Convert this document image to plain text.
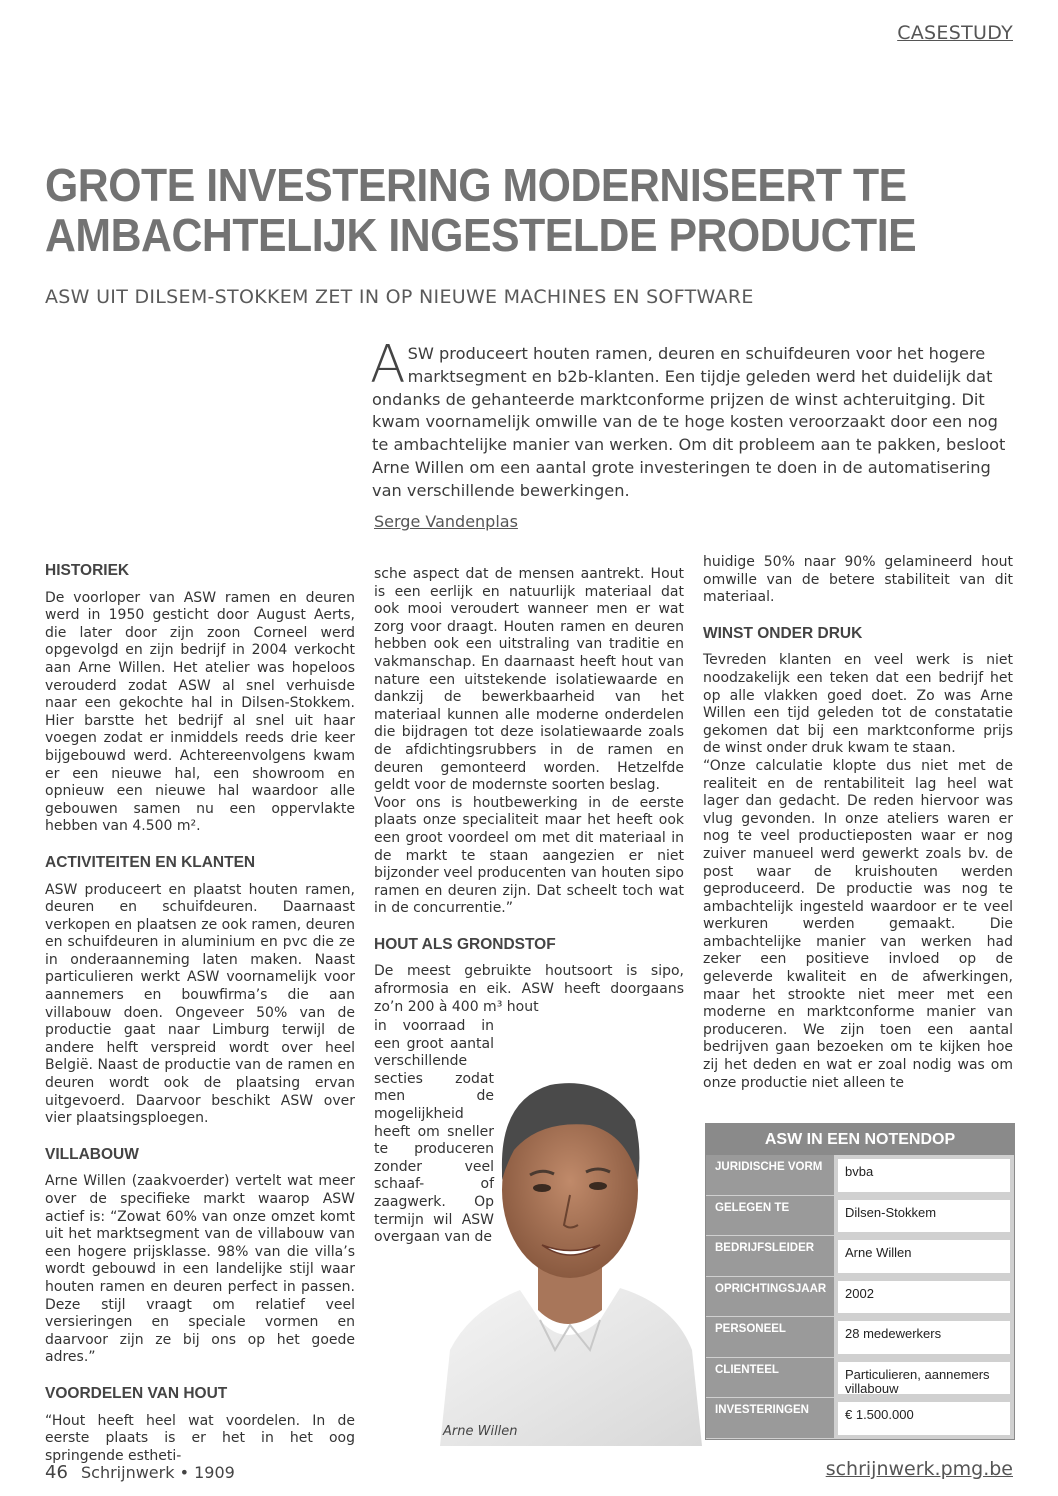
CASESTUDY
GROTE INVESTERING MODERNISEERT TE
AMBACHTELIJK INGESTELDE PRODUCTIE
ASW UIT DILSEM-STOKKEM ZET IN OP NIEUWE MACHINES EN SOFTWARE
ASW produceert houten ramen, deuren en schuifdeuren voor het hogere marktsegment en b2b-klanten. Een tijdje geleden werd het duidelijk dat ondanks de gehanteerde marktconforme prijzen de winst achteruitging. Dit kwam voornamelijk omwille van de te hoge kosten veroorzaakt door een nog te ambachtelijke manier van werken. Om dit probleem aan te pakken, besloot Arne Willen om een aantal grote investeringen te doen in de automatisering van verschillende bewerkingen.
Serge Vandenplas
HISTORIEK

De voorloper van ASW ramen en deuren werd in 1950 gesticht door August Aerts, die later door zijn zoon Corneel werd opgevolgd en zijn bedrijf in 2004 verkocht aan Arne Willen. Het atelier was hopeloos verouderd zodat ASW al snel verhuisde naar een gekochte hal in Dilsen-Stokkem. Hier barstte het bedrijf al snel uit haar voegen zodat er inmiddels reeds drie keer bijgebouwd werd. Achtereenvolgens kwam er een nieuwe hal, een showroom en opnieuw een nieuwe hal waardoor alle gebouwen samen nu een oppervlakte hebben van 4.500 m².

ACTIVITEITEN EN KLANTEN

ASW produceert en plaatst houten ramen, deuren en schuifdeuren. Daarnaast verkopen en plaatsen ze ook ramen, deuren en schuifdeuren in aluminium en pvc die ze in onderaanneming laten maken. Naast particulieren werkt ASW voornamelijk voor aannemers en bouwfirma’s die aan villabouw doen. Ongeveer 50% van de productie gaat naar Limburg terwijl de andere helft verspreid wordt over heel België. Naast de productie van de ramen en deuren wordt ook de plaatsing ervan uitgevoerd. Daarvoor beschikt ASW over vier plaatsingsploegen.

VILLABOUW

Arne Willen (zaakvoerder) vertelt wat meer over de specifieke markt waarop ASW actief is: “Zowat 60% van onze omzet komt uit het marktsegment van de villabouw van een hogere prijsklasse. 98% van die villa’s wordt gebouwd in een landelijke stijl waar houten ramen en deuren perfect in passen. Deze stijl vraagt om relatief veel versieringen en speciale vormen en daarvoor zijn ze bij ons op het goede adres.”

VOORDELEN VAN HOUT

“Hout heeft heel wat voordelen. In de eerste plaats is er het in het oog springende estheti-

sche aspect dat de mensen aantrekt. Hout is een eerlijk en natuurlijk materiaal dat ook mooi veroudert wanneer men er wat zorg voor draagt. Houten ramen en deuren hebben ook een uitstraling van traditie en vakmanschap. En daarnaast heeft hout van nature een uitstekende isolatiewaarde en dankzij de bewerkbaarheid van het materiaal kunnen alle moderne onderdelen die bijdragen tot deze isolatiewaarde zoals de afdichtingsrubbers in de ramen en deuren gemonteerd worden. Hetzelfde geldt voor de modernste soorten beslag.

Voor ons is houtbewerking in de eerste plaats onze specialiteit maar het heeft ook een groot voordeel om met dit materiaal in de markt te staan aangezien er niet bijzonder veel producenten van houten sipo ramen en deuren zijn. Dat scheelt toch wat in de concurrentie.”

HOUT ALS GRONDSTOF

De meest gebruikte houtsoort is sipo, afrormosia en eik. ASW heeft doorgaans zo’n 200 à 400 m³ hout

in voorraad in een groot aantal verschillende secties zodat men de mogelijkheid heeft om sneller te produceren zonder veel schaaf- of zaagwerk. Op termijn wil ASW overgaan van de
Arne Willen

huidige 50% naar 90% gelamineerd hout omwille van de betere stabiliteit van dit materiaal.

WINST ONDER DRUK

Tevreden klanten en veel werk is niet noodzakelijk een teken dat een bedrijf het op alle vlakken goed doet. Zo was Arne Willen een tijd geleden tot de constatatie gekomen dat bij een marktconforme prijs de winst onder druk kwam te staan.

“Onze calculatie klopte dus niet met de realiteit en de rentabiliteit lag heel wat lager dan gedacht. De reden hiervoor was vlug gevonden. In onze ateliers waren er nog te veel productieposten waar er nog zuiver manueel werd gewerkt zoals bv. de post waar de kruishouten werden geproduceerd. De productie was nog te ambachtelijk ingesteld waardoor er te veel werkuren werden gemaakt. Die ambachtelijke manier van werken had zeker een positieve invloed op de geleverde kwaliteit en de afwerkingen, maar het strookte niet meer met een moderne en marktconforme manier van produceren. We zijn toen een aantal bedrijven gaan bezoeken om te kijken hoe zij het deden en wat er zoal nodig was om onze productie niet alleen te

ASW IN EEN NOTENDOP
JURIDISCHE VORM	bvba
GELEGEN TE	Dilsen-Stokkem
BEDRIJFSLEIDER	Arne Willen
OPRICHTINGSJAAR	2002
PERSONEEL	28 medewerkers
CLIENTEEL	Particulieren, aannemers villabouw
INVESTERINGEN	€ 1.500.000
46 Schrijnwerk • 1909	schrijnwerk.pmg.be
